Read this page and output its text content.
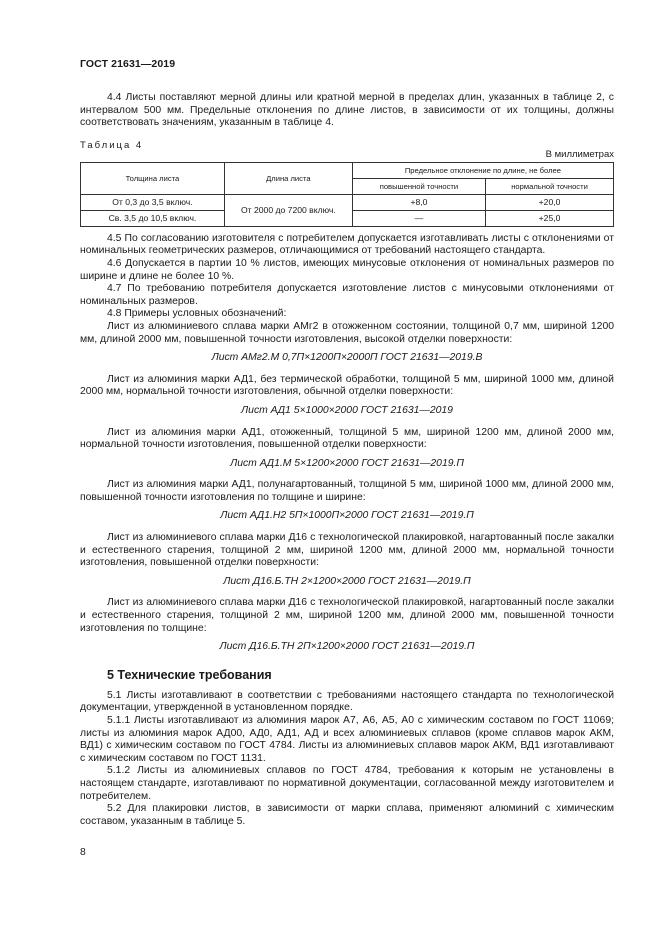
ГОСТ 21631—2019

4.4 Листы поставляют мерной длины или кратной мерной в пределах длин, указанных в таблице 2, с интервалом 500 мм. Предельные отклонения по длине листов, в зависимости от их толщины, должны соответствовать значениям, указанным в таблице 4.

Таблица 4
В миллиметрах
Толщина листа	Длина листа	Предельное отклонение по длине, не более	
		повышенной точности	нормальной точности
От 0,3 до 3,5 включ.	От 2000 до 7200 включ.	+8,0	+20,0
Св. 3,5 до 10,5 включ.		—	+25,0

4.5 По согласованию изготовителя с потребителем допускается изготавливать листы с отклонениями от номинальных геометрических размеров, отличающимися от требований настоящего стандарта.

4.6 Допускается в партии 10 % листов, имеющих минусовые отклонения от номинальных размеров по ширине и длине не более 10 %.

4.7 По требованию потребителя допускается изготовление листов с минусовыми отклонениями от номинальных размеров.

4.8 Примеры условных обозначений:

Лист из алюминиевого сплава марки АМг2 в отожженном состоянии, толщиной 0,7 мм, шириной 1200 мм, длиной 2000 мм, повышенной точности изготовления, высокой отделки поверхности:

Лист АМг2.М 0,7П×1200П×2000П ГОСТ 21631—2019.В

Лист из алюминия марки АД1, без термической обработки, толщиной 5 мм, шириной 1000 мм, длиной 2000 мм, нормальной точности изготовления, обычной отделки поверхности:

Лист АД1 5×1000×2000 ГОСТ 21631—2019

Лист из алюминия марки АД1, отожженный, толщиной 5 мм, шириной 1200 мм, длиной 2000 мм, нормальной точности изготовления, повышенной отделки поверхности:

Лист АД1.М 5×1200×2000 ГОСТ 21631—2019.П

Лист из алюминия марки АД1, полунагартованный, толщиной 5 мм, шириной 1000 мм, длиной 2000 мм, повышенной точности изготовления по толщине и ширине:

Лист АД1.Н2 5П×1000П×2000 ГОСТ 21631—2019.П

Лист из алюминиевого сплава марки Д16 с технологической плакировкой, нагартованный после закалки и естественного старения, толщиной 2 мм, шириной 1200 мм, длиной 2000 мм, нормальной точности изготовления, повышенной отделки поверхности:

Лист Д16.Б.ТН 2×1200×2000 ГОСТ 21631—2019.П

Лист из алюминиевого сплава марки Д16 с технологической плакировкой, нагартованный после закалки и естественного старения, толщиной 2 мм, шириной 1200 мм, длиной 2000 мм, повышенной точности изготовления по толщине:

Лист Д16.Б.ТН 2П×1200×2000 ГОСТ 21631—2019.П

5 Технические требования

5.1 Листы изготавливают в соответствии с требованиями настоящего стандарта по технологической документации, утвержденной в установленном порядке.

5.1.1 Листы изготавливают из алюминия марок А7, А6, А5, А0 с химическим составом по ГОСТ 11069; листы из алюминия марок АД00, АД0, АД1, АД и всех алюминиевых сплавов (кроме сплавов марок АКМ, ВД1) с химическим составом по ГОСТ 4784. Листы из алюминиевых сплавов марок АКМ, ВД1 изготавливают с химическим составом по ГОСТ 1131.

5.1.2 Листы из алюминиевых сплавов по ГОСТ 4784, требования к которым не установлены в настоящем стандарте, изготавливают по нормативной документации, согласованной между изготовителем и потребителем.

5.2 Для плакировки листов, в зависимости от марки сплава, применяют алюминий с химическим составом, указанным в таблице 5.

8
